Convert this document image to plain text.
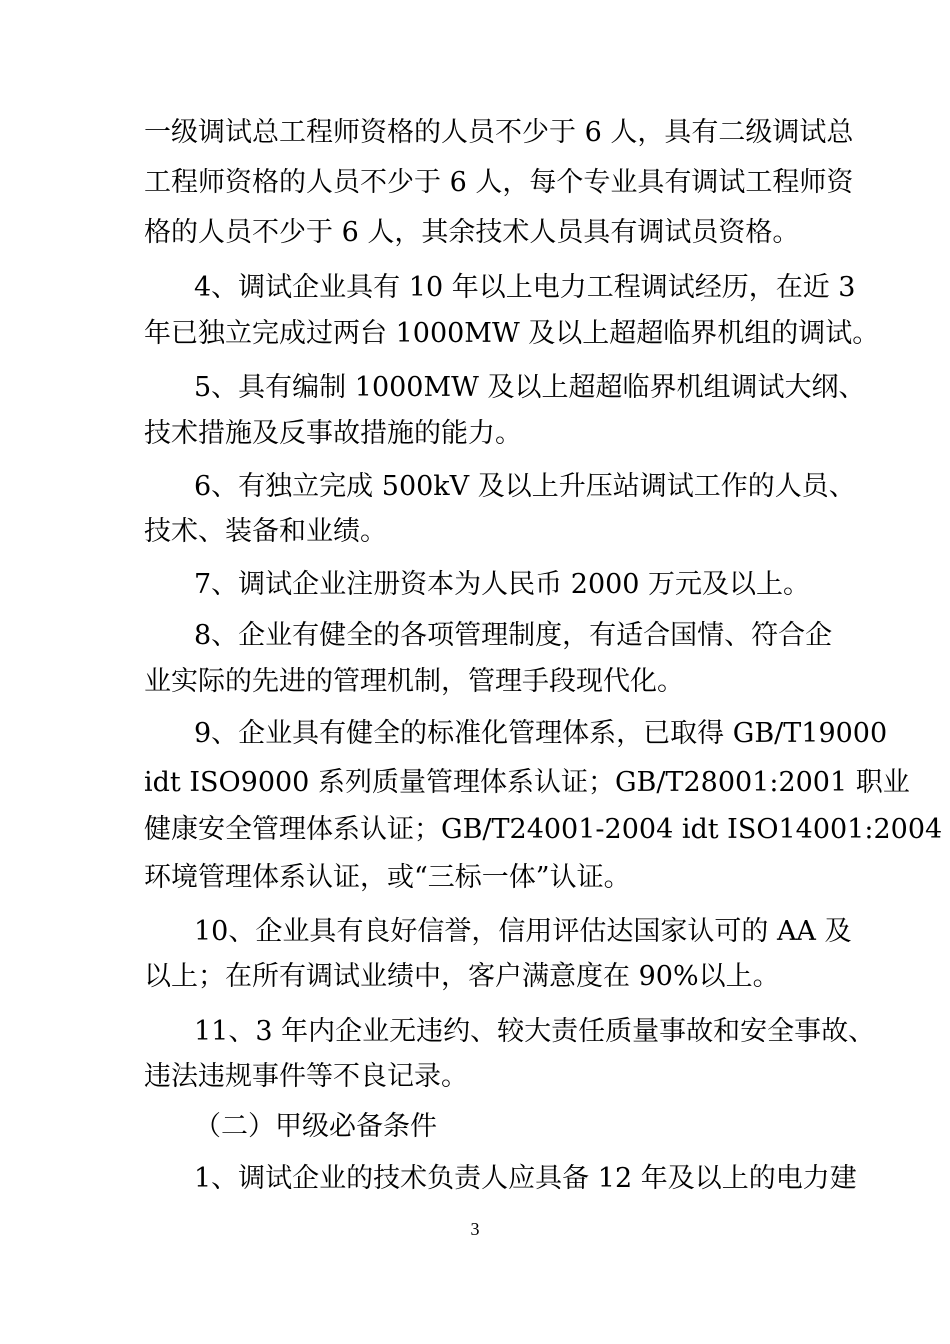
一级调试总工程师资格的人员不少于 6 人，具有二级调试总
工程师资格的人员不少于 6 人，每个专业具有调试工程师资
格的人员不少于 6 人，其余技术人员具有调试员资格。
4、调试企业具有 10 年以上电力工程调试经历，在近 3
年已独立完成过两台 1000MW 及以上超超临界机组的调试。
5、具有编制 1000MW 及以上超超临界机组调试大纲、
技术措施及反事故措施的能力。
6、有独立完成 500kV 及以上升压站调试工作的人员、
技术、装备和业绩。
7、调试企业注册资本为人民币 2000 万元及以上。
8、企业有健全的各项管理制度，有适合国情、符合企
业实际的先进的管理机制，管理手段现代化。
9、企业具有健全的标准化管理体系，已取得 GB/T19000
idt ISO9000 系列质量管理体系认证；GB/T28001:2001 职业
健康安全管理体系认证；GB/T24001-2004 idt ISO14001:2004
环境管理体系认证，或“三标一体”认证。
10、企业具有良好信誉，信用评估达国家认可的 AA 及
以上；在所有调试业绩中，客户满意度在 90%以上。
11、3 年内企业无违约、较大责任质量事故和安全事故、
违法违规事件等不良记录。
（二）甲级必备条件
1、调试企业的技术负责人应具备 12 年及以上的电力建
3
